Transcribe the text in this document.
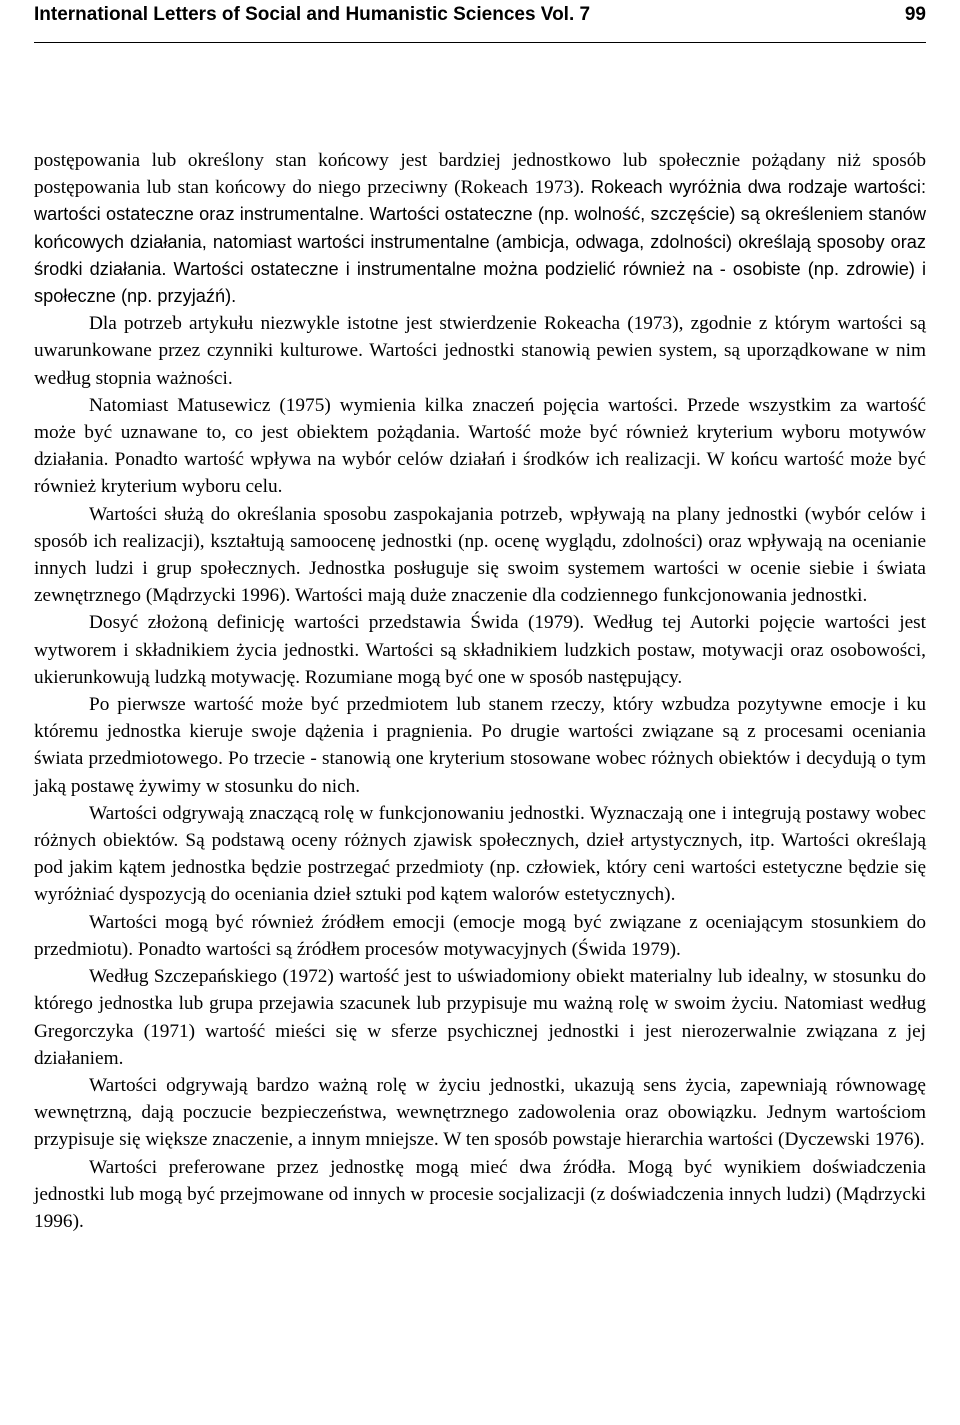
International Letters of Social and Humanistic Sciences Vol. 7	99

postępowania lub określony stan końcowy jest bardziej jednostkowo lub społecznie pożądany niż sposób postępowania lub stan końcowy do niego przeciwny (Rokeach 1973). Rokeach wyróżnia dwa rodzaje wartości: wartości ostateczne oraz instrumentalne. Wartości ostateczne (np. wolność, szczęście) są określeniem stanów końcowych działania, natomiast wartości instrumentalne (ambicja, odwaga, zdolności) określają sposoby oraz środki działania. Wartości ostateczne i instrumentalne można podzielić również na - osobiste (np. zdrowie) i społeczne (np. przyjaźń).

Dla potrzeb artykułu niezwykle istotne jest stwierdzenie Rokeacha (1973), zgodnie z którym wartości są uwarunkowane przez czynniki kulturowe. Wartości jednostki stanowią pewien system, są uporządkowane w nim według stopnia ważności.

Natomiast Matusewicz (1975) wymienia kilka znaczeń pojęcia wartości. Przede wszystkim za wartość może być uznawane to, co jest obiektem pożądania. Wartość może być również kryterium wyboru motywów działania. Ponadto wartość wpływa na wybór celów działań i środków ich realizacji. W końcu wartość może być również kryterium wyboru celu.

Wartości służą do określania sposobu zaspokajania potrzeb, wpływają na plany jednostki (wybór celów i sposób ich realizacji), kształtują samoocenę jednostki (np. ocenę wyglądu, zdolności) oraz wpływają na ocenianie innych ludzi i grup społecznych. Jednostka posługuje się swoim systemem wartości w ocenie siebie i świata zewnętrznego (Mądrzycki 1996). Wartości mają duże znaczenie dla codziennego funkcjonowania jednostki.

Dosyć złożoną definicję wartości przedstawia Świda (1979). Według tej Autorki pojęcie wartości jest wytworem i składnikiem życia jednostki. Wartości są składnikiem ludzkich postaw, motywacji oraz osobowości, ukierunkowują ludzką motywację. Rozumiane mogą być one w sposób następujący.

Po pierwsze wartość może być przedmiotem lub stanem rzeczy, który wzbudza pozytywne emocje i ku któremu jednostka kieruje swoje dążenia i pragnienia. Po drugie wartości związane są z procesami oceniania świata przedmiotowego. Po trzecie - stanowią one kryterium stosowane wobec różnych obiektów i decydują o tym jaką postawę żywimy w stosunku do nich.

Wartości odgrywają znaczącą rolę w funkcjonowaniu jednostki. Wyznaczają one i integrują postawy wobec różnych obiektów. Są podstawą oceny różnych zjawisk społecznych, dzieł artystycznych, itp. Wartości określają pod jakim kątem jednostka będzie postrzegać przedmioty (np. człowiek, który ceni wartości estetyczne będzie się wyróżniać dyspozycją do oceniania dzieł sztuki pod kątem walorów estetycznych).

Wartości mogą być również źródłem emocji (emocje mogą być związane z oceniającym stosunkiem do przedmiotu). Ponadto wartości są źródłem procesów motywacyjnych (Świda 1979).

Według Szczepańskiego (1972) wartość jest to uświadomiony obiekt materialny lub idealny, w stosunku do którego jednostka lub grupa przejawia szacunek lub przypisuje mu ważną rolę w swoim życiu. Natomiast według Gregorczyka (1971) wartość mieści się w sferze psychicznej jednostki i jest nierozerwalnie związana z jej działaniem.

Wartości odgrywają bardzo ważną rolę w życiu jednostki, ukazują sens życia, zapewniają równowagę wewnętrzną, dają poczucie bezpieczeństwa, wewnętrznego zadowolenia oraz obowiązku. Jednym wartościom przypisuje się większe znaczenie, a innym mniejsze. W ten sposób powstaje hierarchia wartości (Dyczewski 1976).

Wartości preferowane przez jednostkę mogą mieć dwa źródła. Mogą być wynikiem doświadczenia jednostki lub mogą być przejmowane od innych w procesie socjalizacji (z doświadczenia innych ludzi) (Mądrzycki 1996).
